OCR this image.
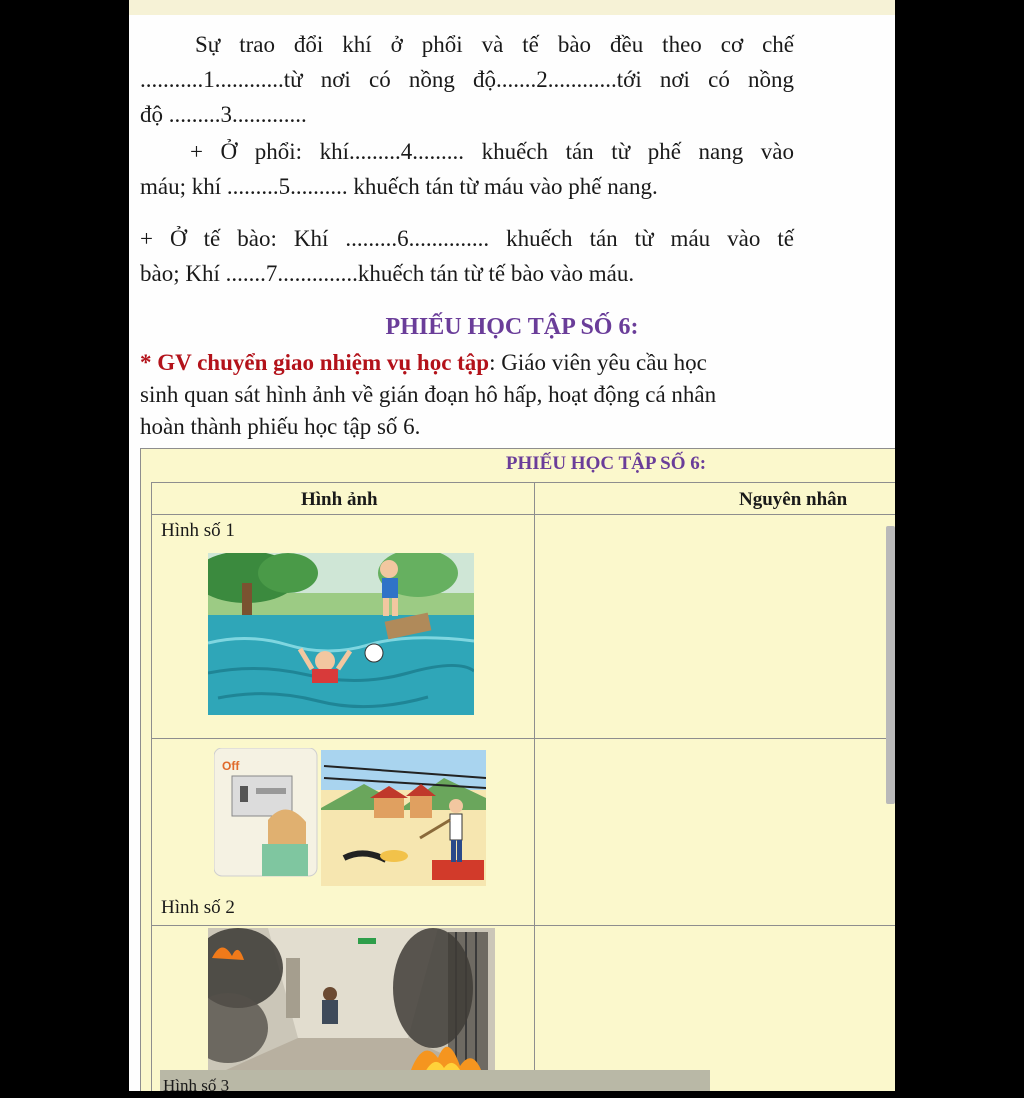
Sự trao đổi khí ở phổi và tế bào đều theo cơ chế

...........1............từ nơi có nồng độ.......2............tới nơi có nồng

độ .........3.............

+ Ở phổi: khí.........4......... khuếch tán từ phế nang vào

máu; khí .........5.......... khuếch tán từ máu vào phế nang.

+ Ở tế bào: Khí .........6.............. khuếch tán từ máu vào tế

bào; Khí .......7..............khuếch tán từ tế bào vào máu.

PHIẾU HỌC TẬP SỐ 6:

* GV chuyển giao nhiệm vụ học tập: Giáo viên yêu cầu học

sinh quan sát hình ảnh về gián đoạn hô hấp, hoạt động cá nhân

hoàn thành phiếu học tập số 6.

PHIẾU HỌC TẬP SỐ 6:
Hình ảnh	Nguyên nhân
Hình số 1
Off
Hình số 2
Hình số 3
